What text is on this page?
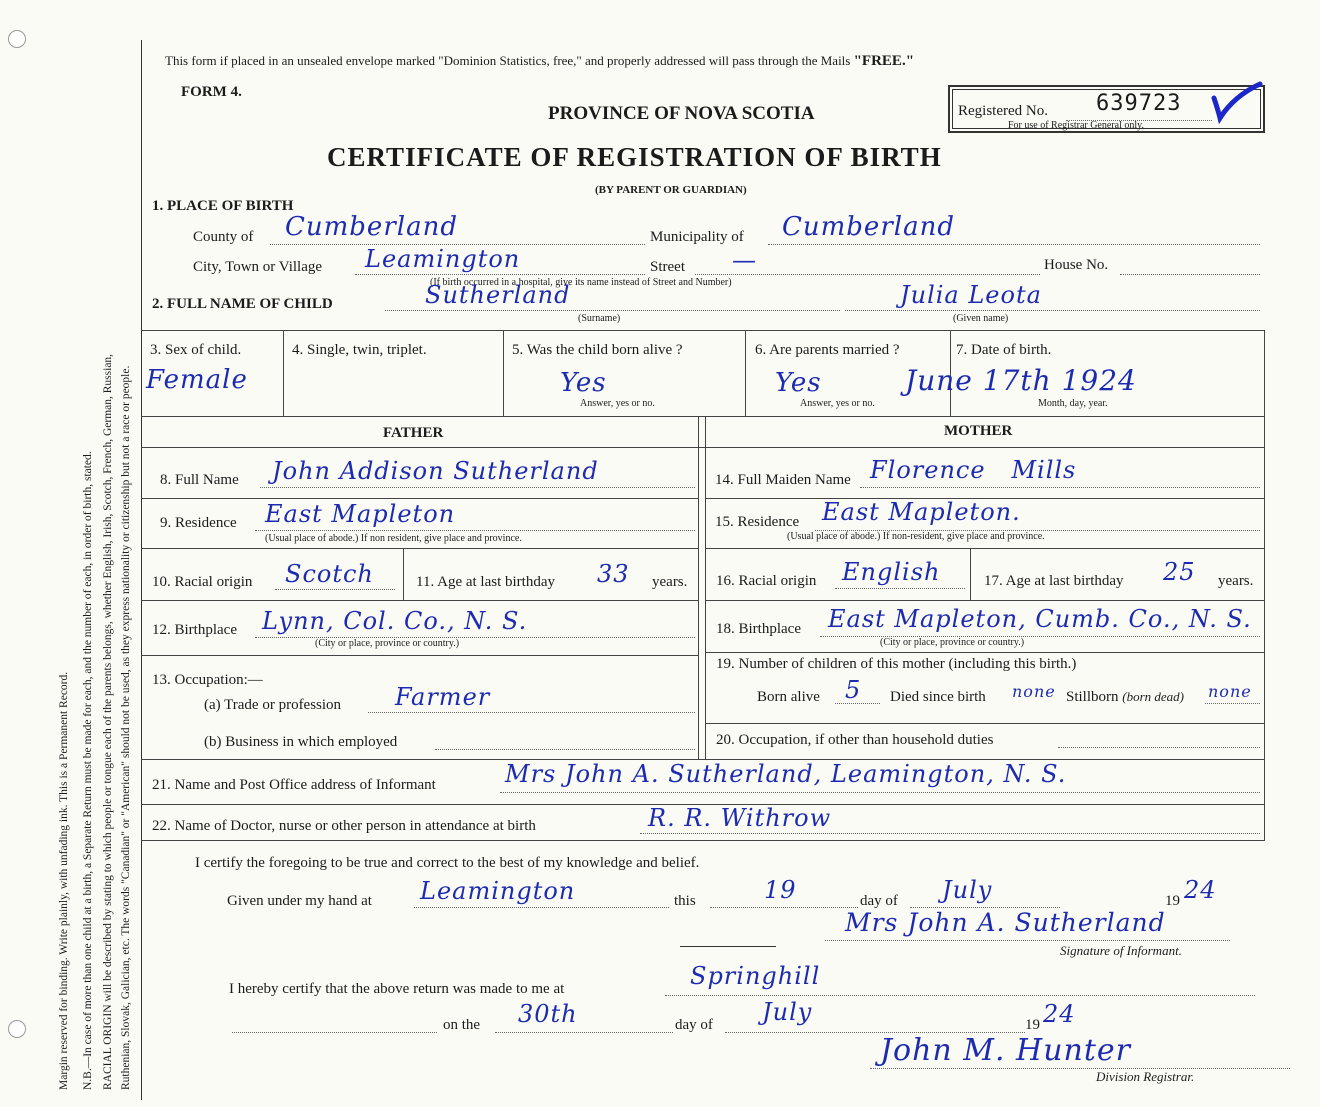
Margin reserved for binding. Write plainly, with unfading ink. This is a Permanent Record. N.B.—In case of more than one child at a birth, a Separate Return must be made for each, and the number of each, in order of birth, stated. RACIAL ORIGIN will be described by stating to which people or tongue each of the parents belongs, whether English, Irish, Scotch, French, German, Russian, Ruthenian, Slovak, Galician, etc. The words "Canadian" or "American" should not be used, as they express nationality or citizenship but not a race or people.
This form if placed in an unsealed envelope marked "Dominion Statistics, free," and properly addressed will pass through the Mails "FREE."
FORM 4.
PROVINCE OF NOVA SCOTIA
CERTIFICATE OF REGISTRATION OF BIRTH
(BY PARENT OR GUARDIAN)
Registered No. 639723
For use of Registrar General only.
1. PLACE OF BIRTH
County of Cumberland	Municipality of Cumberland
City, Town or Village Leamington	Street —	House No.
(If birth occurred in a hospital, give its name instead of Street and Number)
2. FULL NAME OF CHILD	Sutherland
(Surname)
Julia Leota
(Given name)
3. Sex of child.
Female
4. Single, twin, triplet.	5. Was the child born alive ?
Yes
Answer, yes or no.
6. Are parents married ?
Yes
Answer, yes or no.
7. Date of birth.
June 17th 1924
Month, day, year.
FATHER	MOTHER
8. Full Name John Addison Sutherland
9. Residence East Mapleton
(Usual place of abode.) If non resident, give place and province.
10. Racial origin Scotch	11. Age at last birthday 33 years.
12. Birthplace Lynn, Col. Co., N. S.
(City or place, province or country.)
13. Occupation:—
(a) Trade or profession Farmer
(b) Business in which employed
14. Full Maiden Name Florence   Mills
15. Residence East Mapleton.
(Usual place of abode.) If non-resident, give place and province.
16. Racial origin English	17. Age at last birthday 25 years.
18. Birthplace East Mapleton, Cumb. Co., N. S.
(City or place, province or country.)
19. Number of children of this mother (including this birth.)
Born alive 5 Died since birth none Stillborn (born dead) none
20. Occupation, if other than household duties
21. Name and Post Office address of Informant	Mrs John A. Sutherland, Leamington, N. S.
22. Name of Doctor, nurse or other person in attendance at birth	R. R. Withrow
I certify the foregoing to be true and correct to the best of my knowledge and belief.
Given under my hand at Leamington	this	19	day of July	19 24
Mrs John A. Sutherland
Signature of Informant.
I hereby certify that the above return was made to me at	Springhill
on the 30th	day of July	19 24
John M. Hunter
Division Registrar.
